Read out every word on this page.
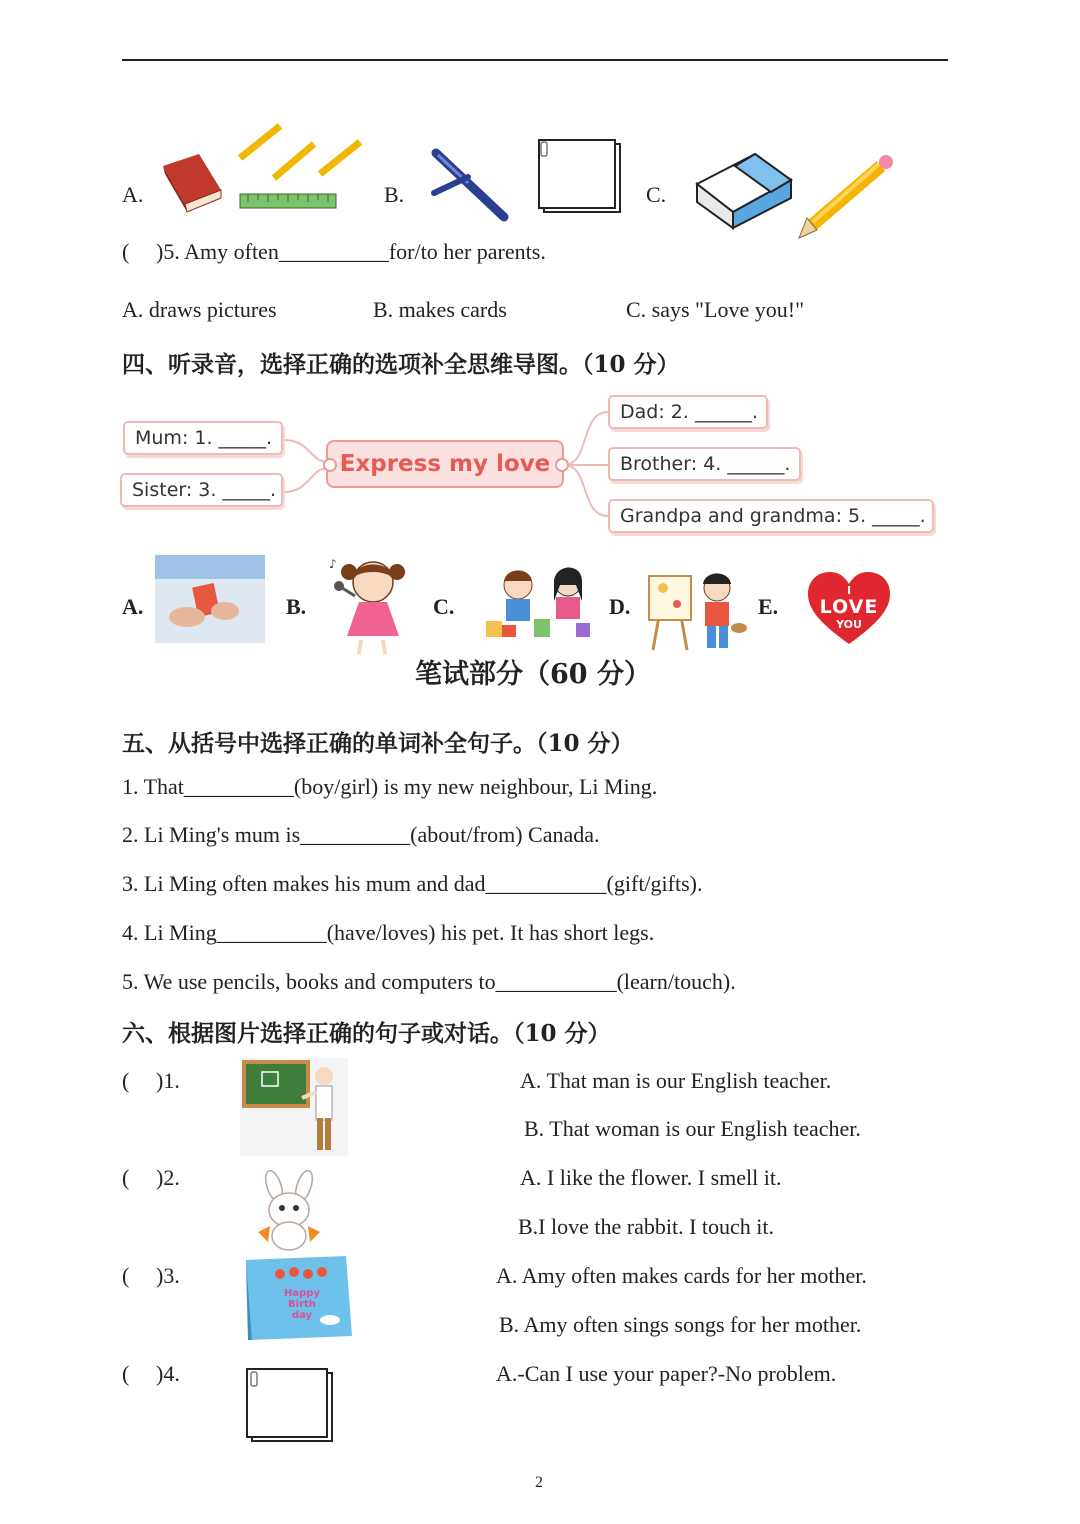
A.	B.	C.
( )5. Amy often__________for/to her parents.
A. draws pictures	B. makes cards	C. says "Love you!"
四、听录音，选择正确的选项补全思维导图。（10 分）
Mum: 1. _____.
Sister: 3. _____.
Express my love
Dad: 2. ______.
Brother: 4. ______.
Grandpa and grandma: 5. _____.
A.	B.
♪
C.	D.	E.
I
LOVE
YOU
笔试部分（60 分）
五、从括号中选择正确的单词补全句子。（10 分）
1. That__________(boy/girl) is my new neighbour, Li Ming.
2. Li Ming's mum is__________(about/from) Canada.
3. Li Ming often makes his mum and dad___________(gift/gifts).
4. Li Ming__________(have/loves) his pet. It has short legs.
5. We use pencils, books and computers to___________(learn/touch).
六、根据图片选择正确的句子或对话。（10 分）
( )1.	A. That man is our English teacher.
B. That woman is our English teacher.
( )2.	A. I like the flower. I smell it.
B.I love the rabbit. I touch it.
( )3.
Happy Birth day
A. Amy often makes cards for her mother.
B. Amy often sings songs for her mother.
( )4.	A.-Can I use your paper?-No problem.
2
